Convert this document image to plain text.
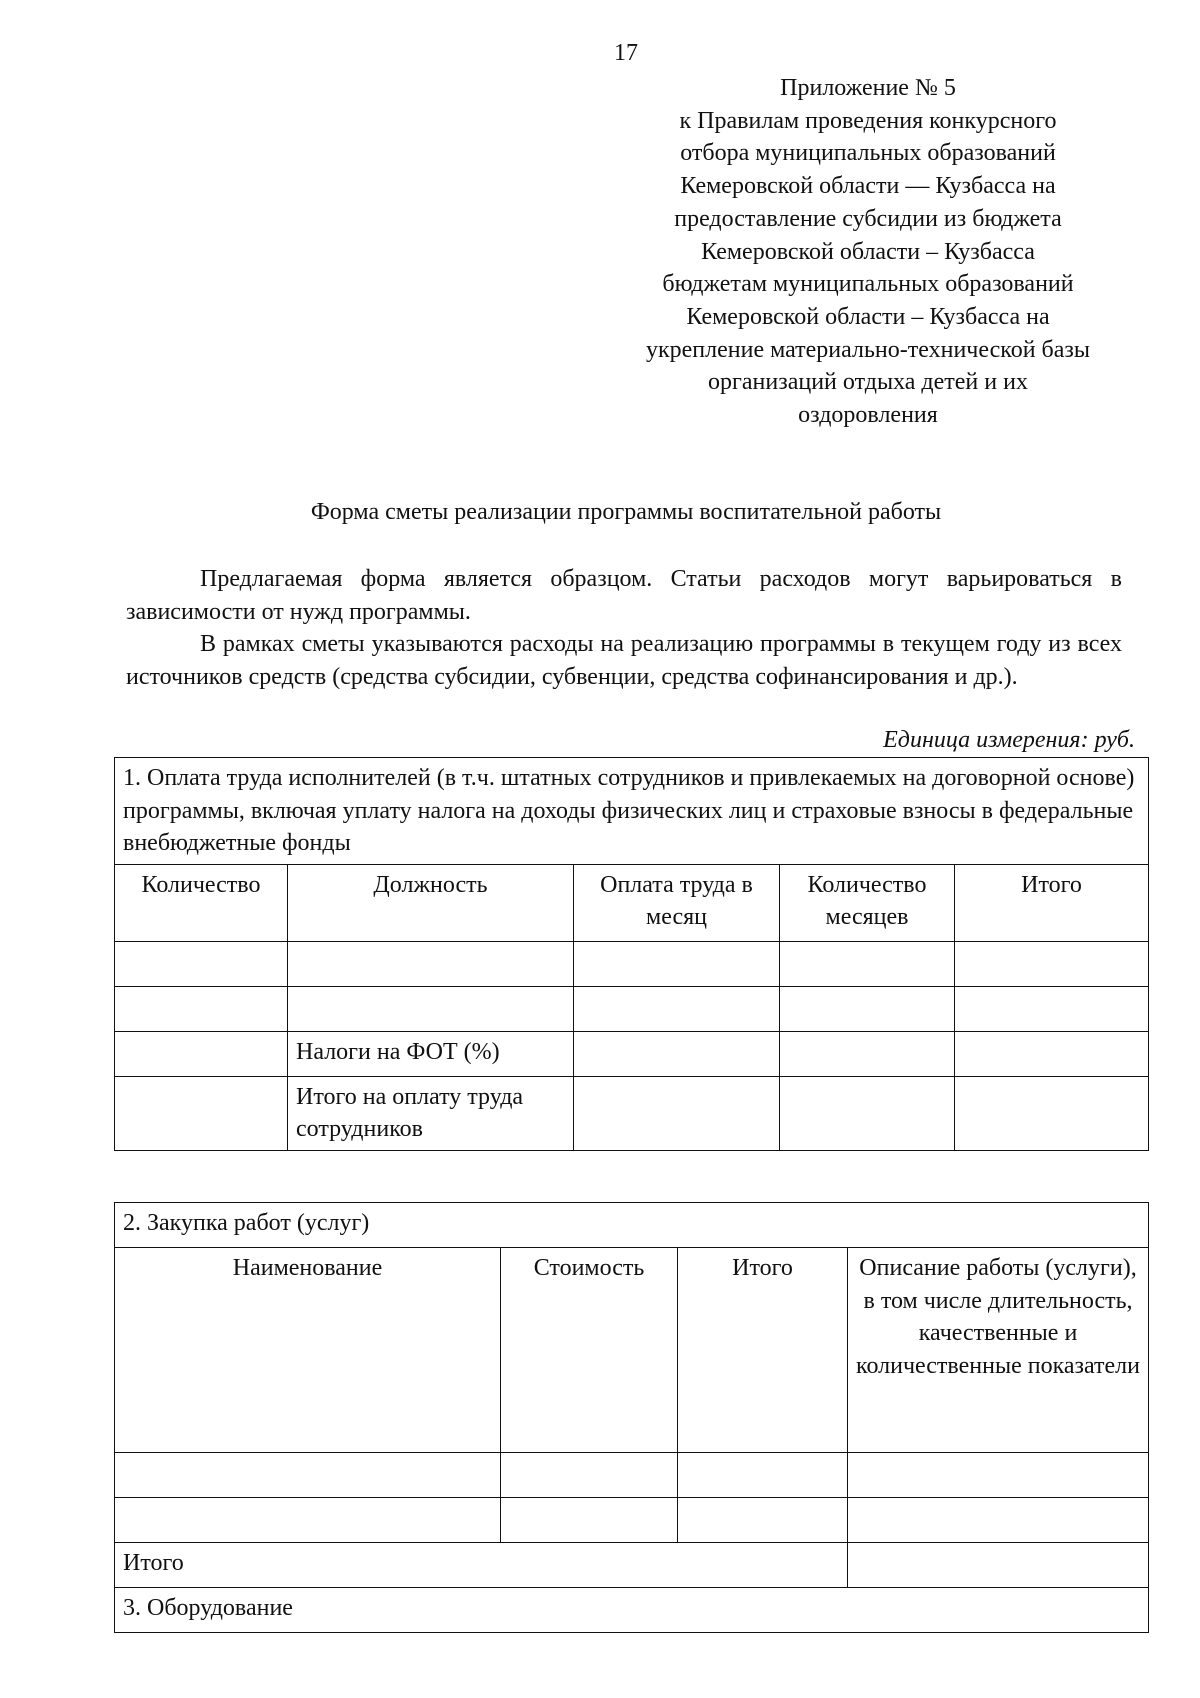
17
Приложение № 5
к Правилам проведения конкурсного
отбора муниципальных образований
Кемеровской области — Кузбасса на
предоставление субсидии из бюджета
Кемеровской области – Кузбасса
бюджетам муниципальных образований
Кемеровской области – Кузбасса на
укрепление материально-технической базы
организаций отдыха детей и их
оздоровления
Форма сметы реализации программы воспитательной работы

Предлагаемая форма является образцом. Статьи расходов могут варьироваться в зависимости от нужд программы.

В рамках сметы указываются расходы на реализацию программы в текущем году из всех источников средств (средства субсидии, субвенции, средства софинансирования и др.).

Единица измерения: руб.
1. Оплата труда исполнителей (в т.ч. штатных сотрудников и привлекаемых на договорной основе) программы, включая уплату налога на доходы физических лиц и страховые взносы в федеральные внебюджетные фонды				
Количество	Должность	Оплата труда в месяц	Количество месяцев	Итого

	Налоги на ФОТ (%)			
	Итого на оплату труда сотрудников			
2. Закупка работ (услуг)			
Наименование	Стоимость	Итого	Описание работы (услуги), в том числе длительность, качественные и количественные показатели

Итого			
3. Оборудование			
